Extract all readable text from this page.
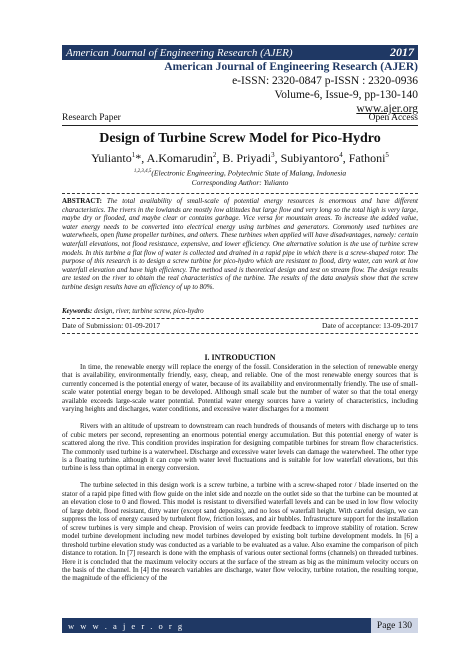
American Journal of Engineering Research (AJER)	2017
American Journal of Engineering Research (AJER)
e-ISSN: 2320-0847 p-ISSN : 2320-0936
Volume-6, Issue-9, pp-130-140
www.ajer.org
Research Paper	Open Access
Design of Turbine Screw Model for Pico-Hydro
Yulianto$^1$*, A.Komarudin$^2$, B. Priyadi$^3$, Subiyantoro$^4$, Fathoni$^5$
$^{1,2,3,4,5}$(Electronic Engineering, Polytechnic State of Malang, Indonesia
Corresponding Author: Yulianto
ABSTRACT: The total availability of small-scale of potential energy resources is enormous and have different characteristics. The rivers in the lowlands are mostly low altitudes but large flow and very long so the total high is very large, maybe dry or flooded, and maybe clear or contains garbage. Vice versa for mountain areas. To increase the added value, water energy needs to be converted into electrical energy using turbines and generators. Commonly used turbines are waterwheels, open flume propeller turbines, and others. These turbines when applied will have disadvantages, namely: certain waterfall elevations, not flood resistance, expensive, and lower efficiency. One alternative solution is the use of turbine screw models. In this turbine a flat flow of water is collected and drained in a rapid pipe in which there is a screw-shaped rotor. The purpose of this research is to design a screw turbine for pico-hydro which are resistant to flood, dirty water, can work at low waterfall elevation and have high efficiency. The method used is theoretical design and test on stream flow. The design results are tested on the river to obtain the real characteristics of the turbine. The results of the data analysis show that the screw turbine design results have an efficiency of up to 80%.
Keywords: design, river, turbine screw, pico-hydro
Date of Submission: 01-09-2017	Date of acceptance: 13-09-2017
I. INTRODUCTION

In time, the renewable energy will replace the energy of the fossil. Consideration in the selection of renewable energy that is availability, environmentally friendly, easy, cheap, and reliable. One of the most renewable energy sources that is currently concerned is the potential energy of water, because of its availability and environmentally friendly. The use of small-scale water potential energy began to be developed. Although small scale but the number of water so that the total energy available exceeds large-scale water potential. Potential water energy sources have a variety of characteristics, including varying heights and discharges, water conditions, and excessive water discharges for a moment

Rivers with an altitude of upstream to downstream can reach hundreds of thousands of meters with discharge up to tens of cubic meters per second, representing an enormous potential energy accumulation. But this potential energy of water is scattered along the rive. This condition provides inspiration for designing compatible turbines for stream flow characteristics. The commonly used turbine is a waterwheel. Discharge and excessive water levels can damage the waterwheel. The other type is a floating turbine. although it can cope with water level fluctuations and is suitable for low waterfall elevations, but this turbine is less than optimal in energy conversion.

The turbine selected in this design work is a screw turbine, a turbine with a screw-shaped rotor / blade inserted on the stator of a rapid pipe fitted with flow guide on the inlet side and nozzle on the outlet side so that the turbine can be mounted at an elevation close to 0 and flowed. This model is resistant to diversified waterfall levels and can be used in low flow velocity of large debit, flood resistant, dirty water (except sand deposits), and no loss of waterfall height. With careful design, we can suppress the loss of energy caused by turbulent flow, friction losses, and air bubbles. Infrastructure support for the installation of screw turbines is very simple and cheap. Provision of weirs can provide feedback to improve stability of rotation. Screw model turbine development including new model turbines developed by existing bolt turbine development models. In [6] a threshold turbine elevation study was conducted as a variable to be evaluated as a value. Also examine the comparison of pitch distance to rotation. In [7] research is done with the emphasis of various outer sectional forms (channels) on threaded turbines. Here it is concluded that the maximum velocity occurs at the surface of the stream as big as the minimum velocity occurs on the basis of the channel. In [4] the research variables are discharge, water flow velocity, turbine rotation, the resulting torque, the magnitude of the efficiency of the

w w w . a j e r . o r g	Page 130
